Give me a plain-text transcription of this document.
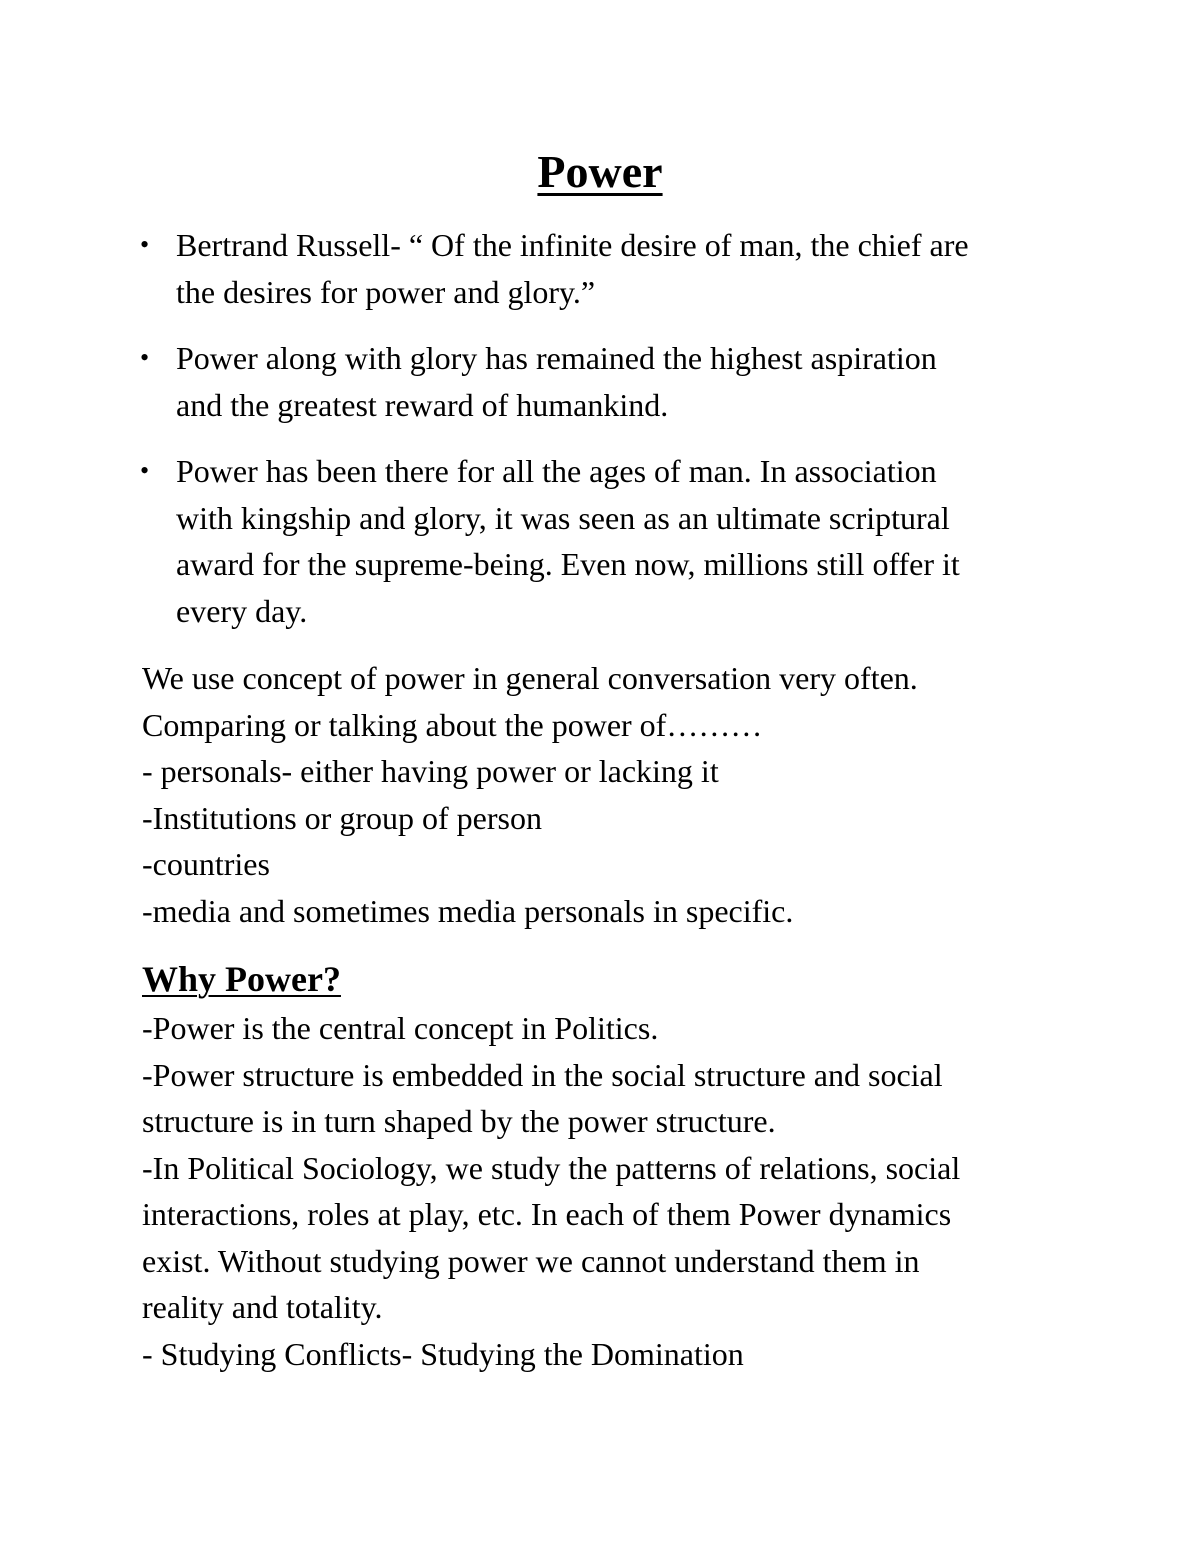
Power
• Bertrand Russell- “ Of the infinite desire of man, the chief are
the desires for power and glory.”
• Power along with glory has remained the highest aspiration
and the greatest reward of humankind.
• Power has been there for all the ages of man. In association
with kingship and glory, it was seen as an ultimate scriptural
award for the supreme-being. Even now, millions still offer it
every day.
We use concept of power in general conversation very often.
Comparing or talking about the power of………
- personals- either having power or lacking it
-Institutions or group of person
-countries
-media and sometimes media personals in specific.
Why Power?
-Power is the central concept in Politics.
-Power structure is embedded in the social structure and social
structure is in turn shaped by the power structure.
-In Political Sociology, we study the patterns of relations, social
interactions, roles at play, etc. In each of them Power dynamics
exist. Without studying power we cannot understand them in
reality and totality.
- Studying Conflicts- Studying the Domination
